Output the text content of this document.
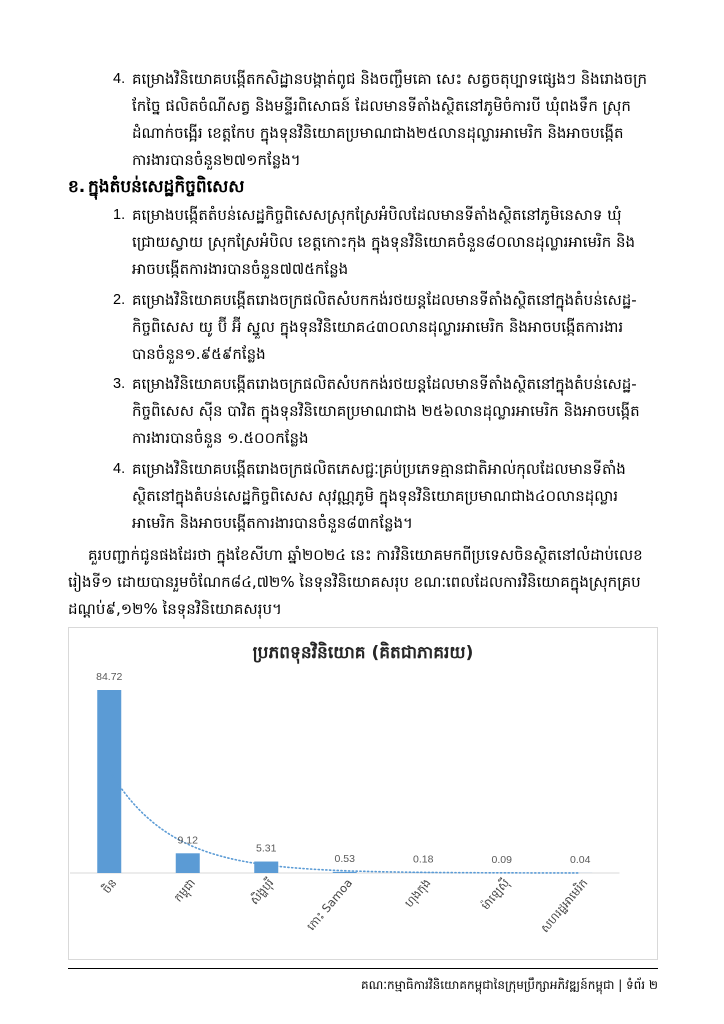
4. គម្រោងវិនិយោគបង្កើតកសិដ្ឋានបង្កាត់ពូជ និងចញ្ចឹមគោ សេះ សត្វចតុប្បាទផ្សេងៗ និងរោងចក្រ
កែច្នៃ ផលិតចំណីសត្វ និងមន្ទីរពិសោធន៍ ដែលមានទីតាំងស្ថិតនៅភូមិចំការបី ឃុំពងទឹក ស្រុក
ដំណាក់ចង្អើរ ខេត្តកែប ក្នុងទុនវិនិយោគប្រមាណជាង២៥លានដុល្លារអាមេរិក និងអាចបង្កើត
ការងារបានចំនួន២៧១កន្លែង។
ខ. ក្នុងតំបន់សេដ្ឋកិច្ចពិសេស
1. គម្រោងបង្កើតតំបន់សេដ្ឋកិច្ចពិសេសស្រុកស្រែអំបិលដែលមានទីតាំងស្ថិតនៅភូមិនេសាទ ឃុំ
ជ្រោយស្វាយ ស្រុកស្រែអំបិល ខេត្តកោះកុង ក្នុងទុនវិនិយោគចំនួន៨០លានដុល្លារអាមេរិក និង
អាចបង្កើតការងារបានចំនួន៧៧៥កន្លែង
2. គម្រោងវិនិយោគបង្កើតរោងចក្រផលិតសំបកកង់រថយន្តដែលមានទីតាំងស្ថិតនៅក្នុងតំបន់សេដ្ឋ-
កិច្ចពិសេស យូ ប៊ី អ៊ី ស្នួល ក្នុងទុនវិនិយោគ៤៣០លានដុល្លារអាមេរិក និងអាចបង្កើតការងារ
បានចំនួន១.៩៥៩កន្លែង
3. គម្រោងវិនិយោគបង្កើតរោងចក្រផលិតសំបកកង់រថយន្តដែលមានទីតាំងស្ថិតនៅក្នុងតំបន់សេដ្ឋ-
កិច្ចពិសេស ស៊ីន បាវិត ក្នុងទុនវិនិយោគប្រមាណជាង ២៥៦លានដុល្លារអាមេរិក និងអាចបង្កើត
ការងារបានចំនួន ១.៥០០កន្លែង
4. គម្រោងវិនិយោគបង្កើតរោងចក្រផលិតភេសជ្ជៈគ្រប់ប្រភេទគ្មានជាតិអាល់កុលដែលមានទីតាំង
ស្ថិតនៅក្នុងតំបន់សេដ្ឋកិច្ចពិសេស សុវណ្ណភូមិ ក្នុងទុនវិនិយោគប្រមាណជាង៤០លានដុល្លារ
អាមេរិក និងអាចបង្កើតការងារបានចំនួន៨៣កន្លែង។
គួរបញ្ជាក់ជូនផងដែរថា ក្នុងខែសីហា ឆ្នាំ២០២៤ នេះ ការវិនិយោគមកពីប្រទេសចិនស្ថិតនៅលំដាប់លេខ
រៀងទី១ ដោយបានរួមចំណែក៨៤,៧២% នៃទុនវិនិយោគសរុប ខណៈពេលដែលការវិនិយោគក្នុងស្រុកគ្រប
ដណ្តប់៩,១២% នៃទុនវិនិយោគសរុប។
ប្រភពទុនវិនិយោគ (គិតជាភាគរយ)
84.72
9.12
5.31
0.53	0.18	0.09	0.04
ចិន	កម្ពុជា	សិង្ហបុរី កោះ Samoa	ហុងកុង	ម៉ាឡេស៊ី សហរដ្ឋអាមេរិក
គណៈកម្មាធិការវិនិយោគកម្ពុជានៃក្រុមប្រឹក្សាអភិវឌ្ឍន៍កម្ពុជា | ទំព័រ ២
